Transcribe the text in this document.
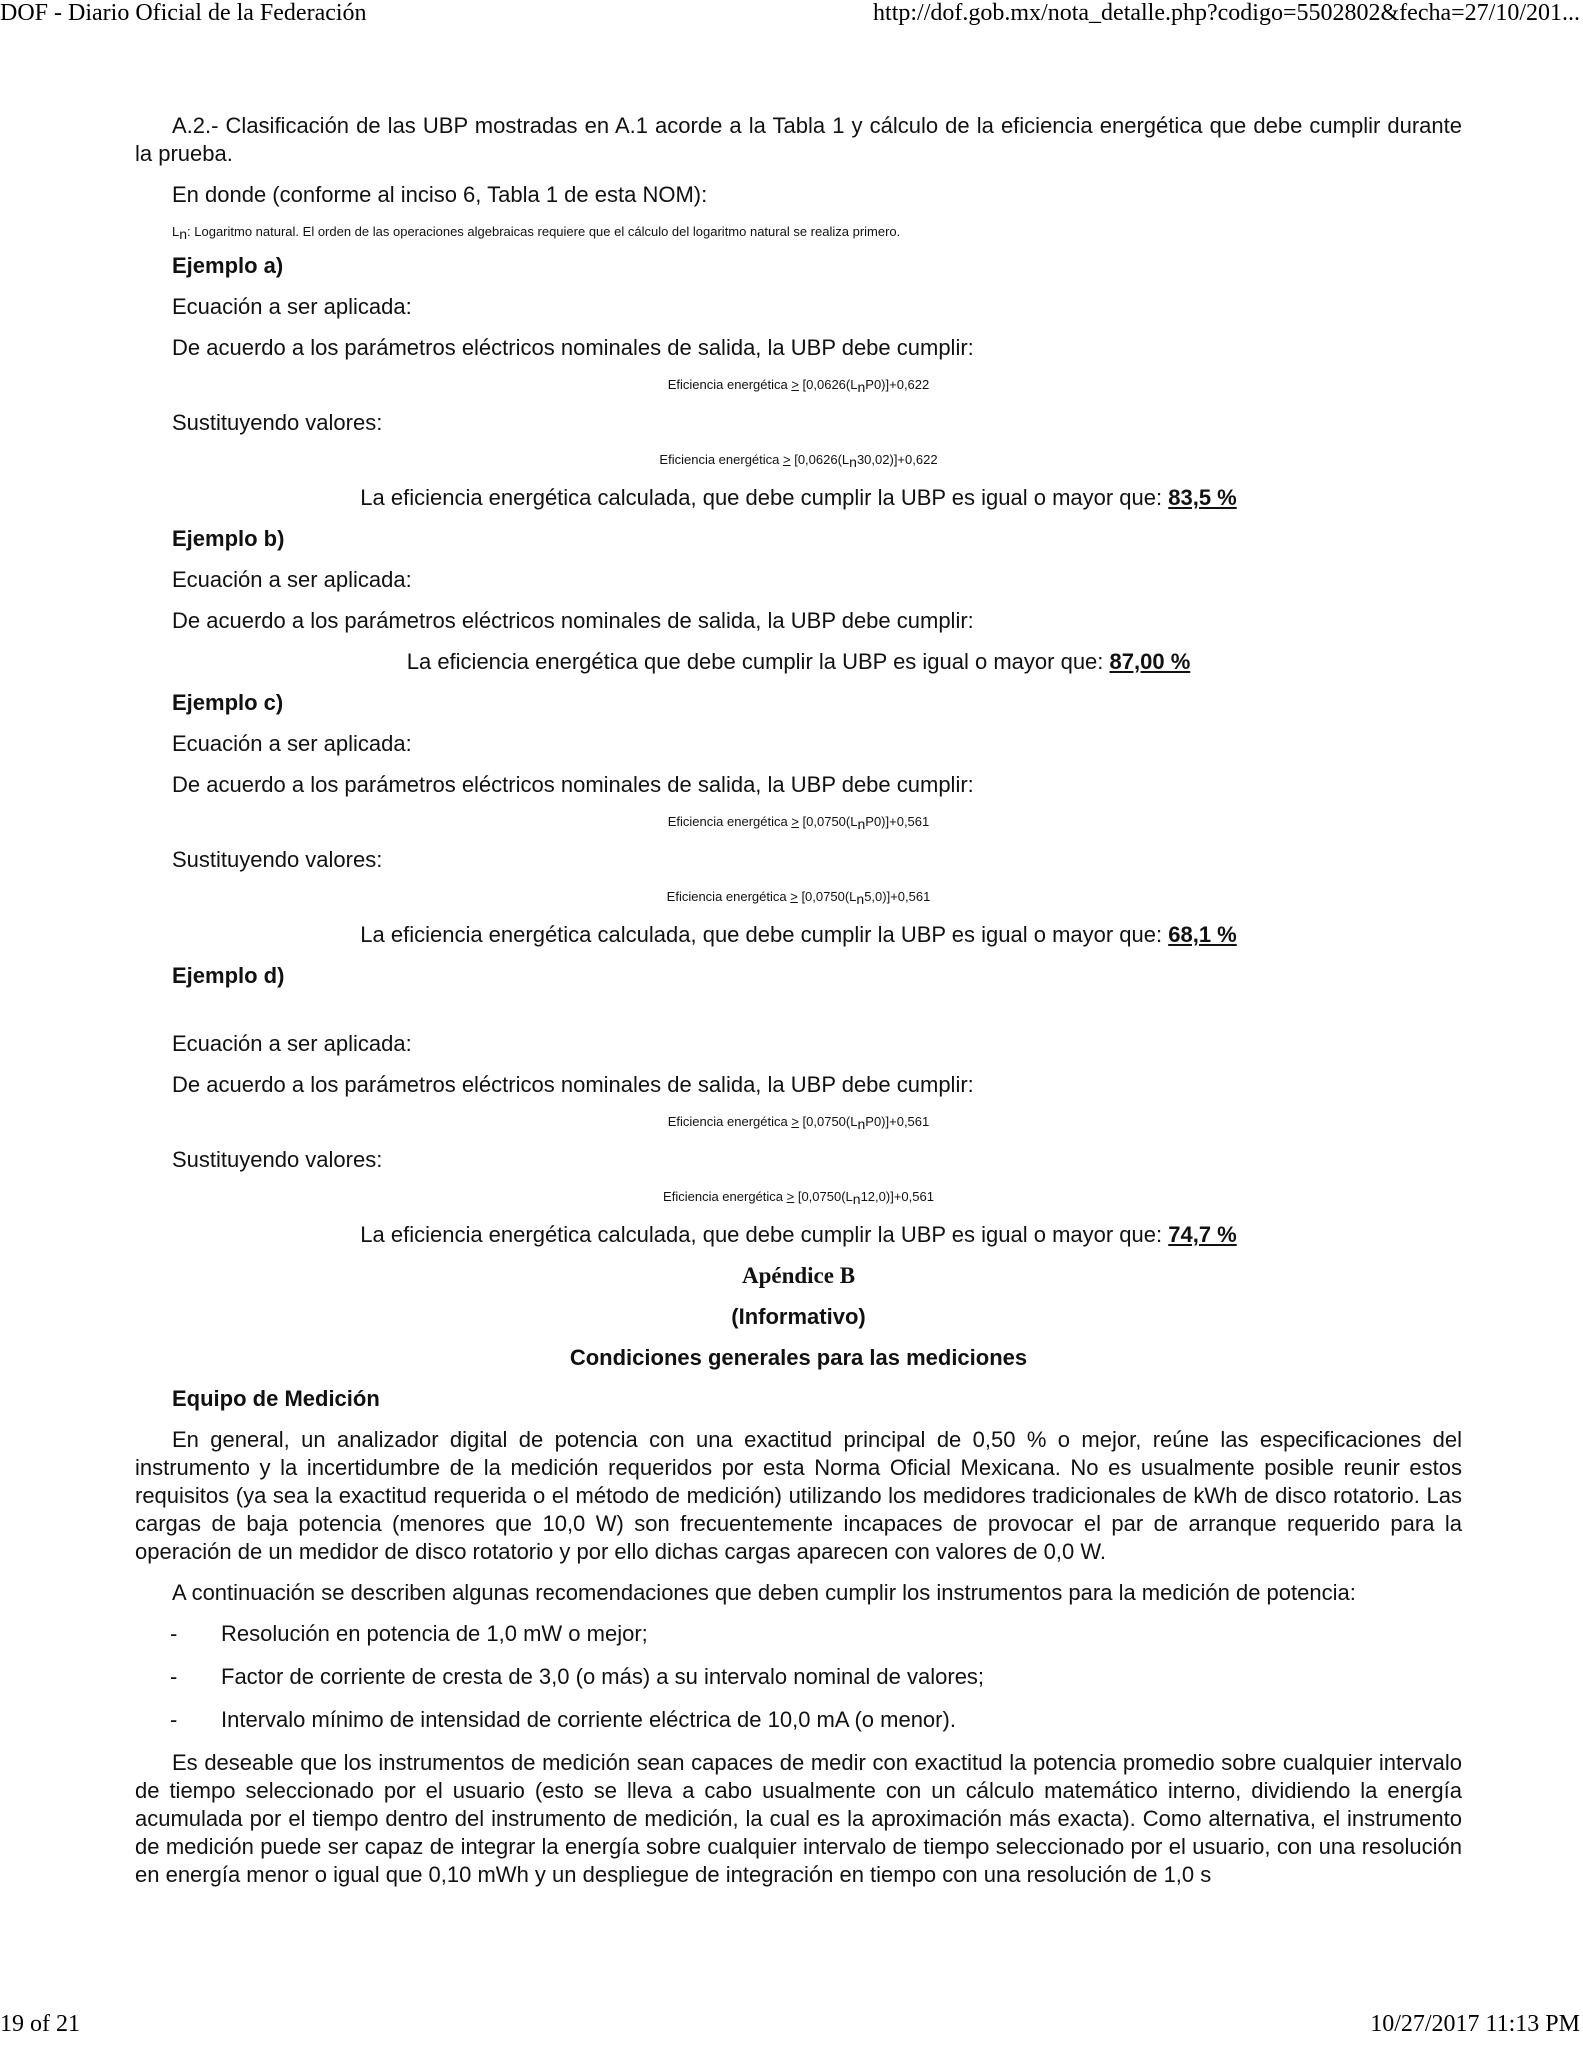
DOF - Diario Oficial de la Federación	http://dof.gob.mx/nota_detalle.php?codigo=5502802&fecha=27/10/201...

A.2.- Clasificación de las UBP mostradas en A.1 acorde a la Tabla 1 y cálculo de la eficiencia energética que debe cumplir durante la prueba.

En donde (conforme al inciso 6, Tabla 1 de esta NOM):

Ln: Logaritmo natural. El orden de las operaciones algebraicas requiere que el cálculo del logaritmo natural se realiza primero.

Ejemplo a)

Ecuación a ser aplicada:

De acuerdo a los parámetros eléctricos nominales de salida, la UBP debe cumplir:

Eficiencia energética > [0,0626(LnP0)]+0,622

Sustituyendo valores:

Eficiencia energética > [0,0626(Ln30,02)]+0,622

La eficiencia energética calculada, que debe cumplir la UBP es igual o mayor que: 83,5 %

Ejemplo b)

Ecuación a ser aplicada:

De acuerdo a los parámetros eléctricos nominales de salida, la UBP debe cumplir:

La eficiencia energética que debe cumplir la UBP es igual o mayor que: 87,00 %

Ejemplo c)

Ecuación a ser aplicada:

De acuerdo a los parámetros eléctricos nominales de salida, la UBP debe cumplir:

Eficiencia energética > [0,0750(LnP0)]+0,561

Sustituyendo valores:

Eficiencia energética > [0,0750(Ln5,0)]+0,561

La eficiencia energética calculada, que debe cumplir la UBP es igual o mayor que: 68,1 %

Ejemplo d)

Ecuación a ser aplicada:

De acuerdo a los parámetros eléctricos nominales de salida, la UBP debe cumplir:

Eficiencia energética > [0,0750(LnP0)]+0,561

Sustituyendo valores:

Eficiencia energética > [0,0750(Ln12,0)]+0,561

La eficiencia energética calculada, que debe cumplir la UBP es igual o mayor que: 74,7 %

Apéndice B

(Informativo)

Condiciones generales para las mediciones

Equipo de Medición

En general, un analizador digital de potencia con una exactitud principal de 0,50 % o mejor, reúne las especificaciones del instrumento y la incertidumbre de la medición requeridos por esta Norma Oficial Mexicana. No es usualmente posible reunir estos requisitos (ya sea la exactitud requerida o el método de medición) utilizando los medidores tradicionales de kWh de disco rotatorio. Las cargas de baja potencia (menores que 10,0 W) son frecuentemente incapaces de provocar el par de arranque requerido para la operación de un medidor de disco rotatorio y por ello dichas cargas aparecen con valores de 0,0 W.

A continuación se describen algunas recomendaciones que deben cumplir los instrumentos para la medición de potencia:

-	Resolución en potencia de 1,0 mW o mejor;
-	Factor de corriente de cresta de 3,0 (o más) a su intervalo nominal de valores;
-	Intervalo mínimo de intensidad de corriente eléctrica de 10,0 mA (o menor).

Es deseable que los instrumentos de medición sean capaces de medir con exactitud la potencia promedio sobre cualquier intervalo de tiempo seleccionado por el usuario (esto se lleva a cabo usualmente con un cálculo matemático interno, dividiendo la energía acumulada por el tiempo dentro del instrumento de medición, la cual es la aproximación más exacta). Como alternativa, el instrumento de medición puede ser capaz de integrar la energía sobre cualquier intervalo de tiempo seleccionado por el usuario, con una resolución en energía menor o igual que 0,10 mWh y un despliegue de integración en tiempo con una resolución de 1,0 s

19 of 21	10/27/2017 11:13 PM
